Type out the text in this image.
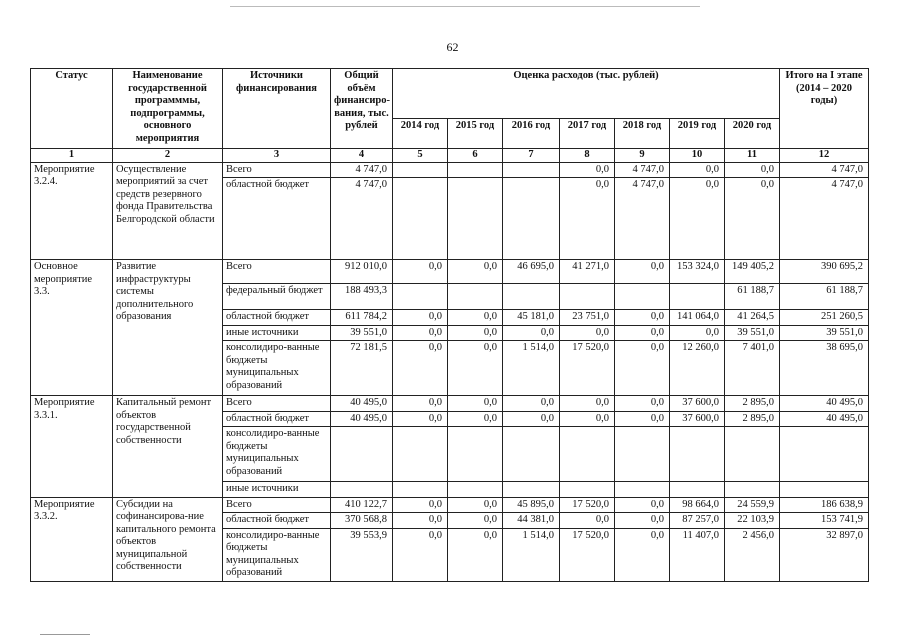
62
Статус	Наименование государственной программмы, подпрограммы, основного мероприятия	Источники финансирования	Общий объём финансиро-вания, тыс. рублей	Оценка расходов (тыс. рублей)							Итого на I этапе (2014 – 2020 годы)
				2014 год	2015 год	2016 год	2017 год	2018 год	2019 год	2020 год	
1	2	3	4	5	6	7	8	9	10	11	12
Мероприятие 3.2.4.	Осуществление мероприятий за счет средств резервного фонда Правительства Белгородской области	Всего	4 747,0				0,0	4 747,0	0,0	0,0	4 747,0
		областной бюджет	4 747,0				0,0	4 747,0	0,0	0,0	4 747,0
Основное мероприятие 3.3.	Развитие инфраструктуры системы дополнительного образования	Всего	912 010,0	0,0	0,0	46 695,0	41 271,0	0,0	153 324,0	149 405,2	390 695,2
		федеральный бюджет	188 493,3							61 188,7	61 188,7
		областной бюджет	611 784,2	0,0	0,0	45 181,0	23 751,0	0,0	141 064,0	41 264,5	251 260,5
		иные источники	39 551,0	0,0	0,0	0,0	0,0	0,0	0,0	39 551,0	39 551,0
		консолидиро-ванные бюджеты муниципальных образований	72 181,5	0,0	0,0	1 514,0	17 520,0	0,0	12 260,0	7 401,0	38 695,0
Мероприятие 3.3.1.	Капитальный ремонт объектов государственной собственности	Всего	40 495,0	0,0	0,0	0,0	0,0	0,0	37 600,0	2 895,0	40 495,0
		областной бюджет	40 495,0	0,0	0,0	0,0	0,0	0,0	37 600,0	2 895,0	40 495,0
		консолидиро-ванные бюджеты муниципальных образований									
		иные источники									
Мероприятие 3.3.2.	Субсидии на софинансирова-ние капитального ремонта объектов муниципальной собственности	Всего	410 122,7	0,0	0,0	45 895,0	17 520,0	0,0	98 664,0	24 559,9	186 638,9
		областной бюджет	370 568,8	0,0	0,0	44 381,0	0,0	0,0	87 257,0	22 103,9	153 741,9
		консолидиро-ванные бюджеты муниципальных образований	39 553,9	0,0	0,0	1 514,0	17 520,0	0,0	11 407,0	2 456,0	32 897,0
